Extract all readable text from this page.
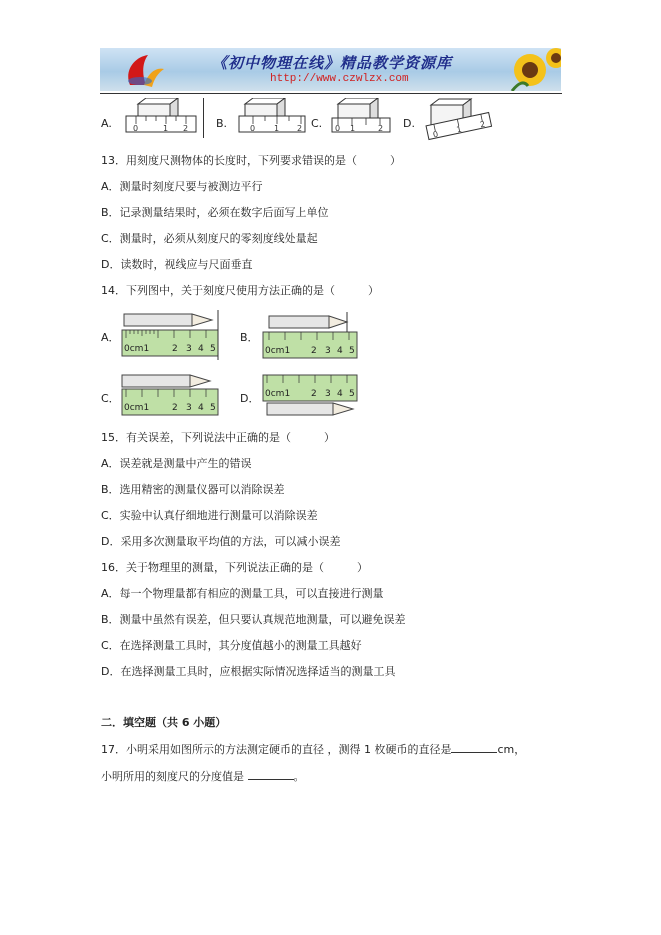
《初中物理在线》精品教学资源库
http://www.czwlzx.com
A.	0	1 2	B.	0 1 2 C. 0 1	2 D.
0
1
2
13．用刻度尺测物体的长度时，下列要求错误的是（　　　）
A．测量时刻度尺要与被测边平行
B．记录测量结果时，必须在数字后面写上单位
C．测量时，必须从刻度尺的零刻度线处量起
D．读数时，视线应与尺面垂直
14．下列图中，关于刻度尺使用方法正确的是（　　　）
A．
0cm1	2 3 4 5
B．
0cm1 2 3 4 5
C．
0cm1	2 3 4 5
D． 0cm1 2 3 4 5
15．有关误差，下列说法中正确的是（　　　）
A．误差就是测量中产生的错误
B．选用精密的测量仪器可以消除误差
C．实验中认真仔细地进行测量可以消除误差
D．采用多次测量取平均值的方法，可以减小误差
16．关于物理里的测量，下列说法正确的是（　　　）
A．每一个物理量都有相应的测量工具，可以直接进行测量
B．测量中虽然有误差，但只要认真规范地测量，可以避免误差
C．在选择测量工具时，其分度值越小的测量工具越好
D．在选择测量工具时，应根据实际情况选择适当的测量工具
二．填空题（共 6 小题）
17．小明采用如图所示的方法测定硬币的直径 ，测得 1 枚硬币的直径是	cm，
小明所用的刻度尺的分度值是	。
